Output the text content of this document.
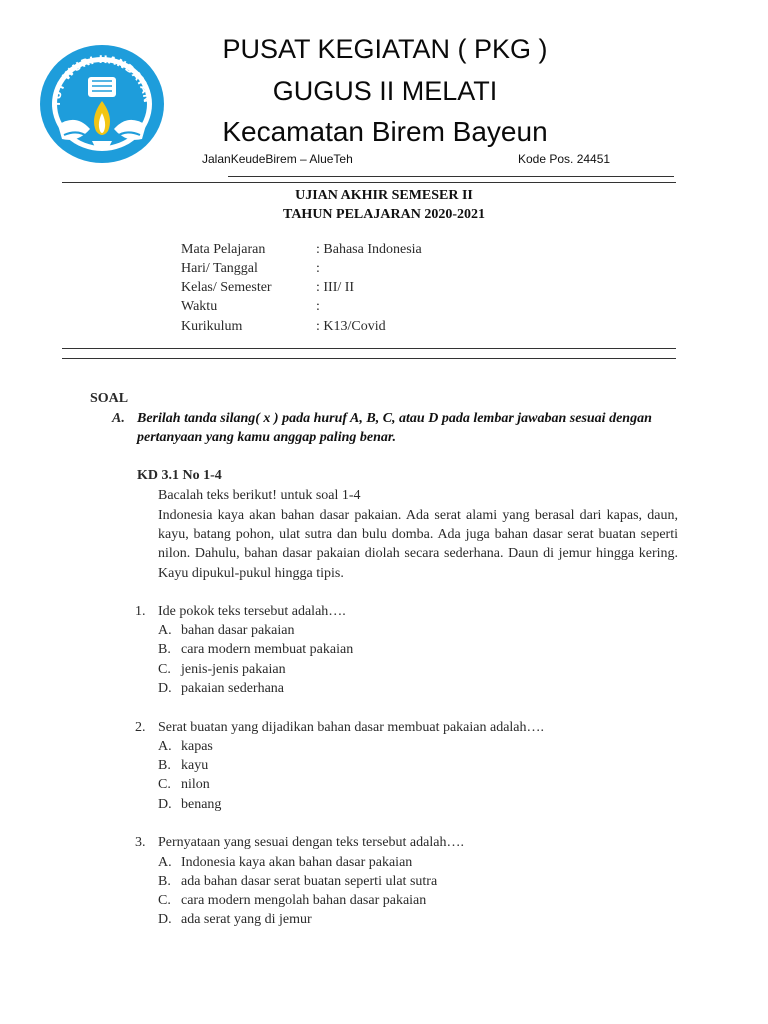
TUT WURI HANDAYAN
PUSAT KEGIATAN ( PKG )
GUGUS II MELATI
Kecamatan Birem Bayeun
JalanKeudeBirem – AlueTeh	Kode Pos. 24451
UJIAN AKHIR SEMESER II
TAHUN PELAJARAN 2020-2021
Mata Pelajaran	: Bahasa Indonesia
Hari/ Tanggal	:
Kelas/ Semester	: III/ II
Waktu	:
Kurikulum	: K13/Covid
SOAL
A. Berilah tanda silang( x ) pada huruf A, B, C, atau D pada lembar jawaban sesuai dengan pertanyaan yang kamu anggap paling benar.
KD 3.1 No 1-4
Bacalah teks berikut! untuk soal 1-4
Indonesia kaya akan bahan dasar pakaian. Ada serat alami yang berasal dari kapas, daun, kayu, batang pohon, ulat sutra dan bulu domba. Ada juga bahan dasar serat buatan seperti nilon. Dahulu, bahan dasar pakaian diolah secara sederhana. Daun di jemur hingga kering. Kayu dipukul-pukul hingga tipis.
1. Ide pokok teks tersebut adalah….
A. bahan dasar pakaian
B. cara modern membuat pakaian
C. jenis-jenis pakaian
D. pakaian sederhana
2. Serat buatan yang dijadikan bahan dasar membuat pakaian adalah….
A. kapas
B. kayu
C. nilon
D. benang
3. Pernyataan yang sesuai dengan teks tersebut adalah….
A. Indonesia kaya akan bahan dasar pakaian
B. ada bahan dasar serat buatan seperti ulat sutra
C. cara modern mengolah bahan dasar pakaian
D. ada serat yang di jemur
